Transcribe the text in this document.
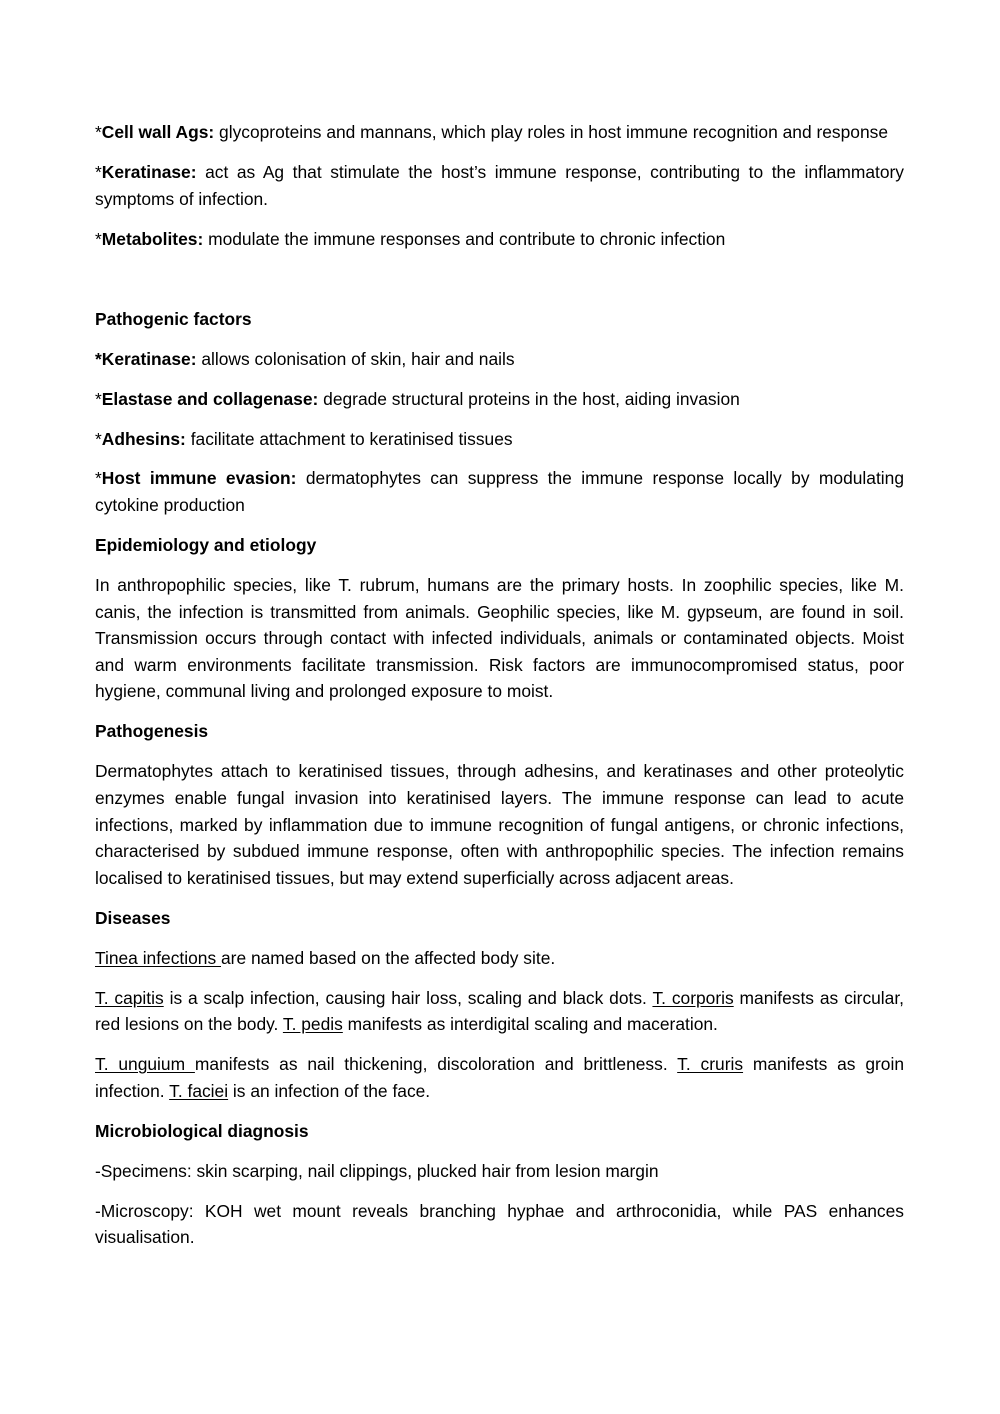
*Cell wall Ags: glycoproteins and mannans, which play roles in host immune recognition and response

*Keratinase: act as Ag that stimulate the host’s immune response, contributing to the inflammatory symptoms of infection.

*Metabolites: modulate the immune responses and contribute to chronic infection

Pathogenic factors

*Keratinase: allows colonisation of skin, hair and nails

*Elastase and collagenase: degrade structural proteins in the host, aiding invasion

*Adhesins: facilitate attachment to keratinised tissues

*Host immune evasion: dermatophytes can suppress the immune response locally by modulating cytokine production

Epidemiology and etiology

In anthropophilic species, like T. rubrum, humans are the primary hosts. In zoophilic species, like M. canis, the infection is transmitted from animals. Geophilic species, like M. gypseum, are found in soil. Transmission occurs through contact with infected individuals, animals or contaminated objects. Moist and warm environments facilitate transmission. Risk factors are immunocompromised status, poor hygiene, communal living and prolonged exposure to moist.

Pathogenesis

Dermatophytes attach to keratinised tissues, through adhesins, and keratinases and other proteolytic enzymes enable fungal invasion into keratinised layers. The immune response can lead to acute infections, marked by inflammation due to immune recognition of fungal antigens, or chronic infections, characterised by subdued immune response, often with anthropophilic species. The infection remains localised to keratinised tissues, but may extend superficially across adjacent areas.

Diseases

Tinea infections are named based on the affected body site.

T. capitis is a scalp infection, causing hair loss, scaling and black dots. T. corporis manifests as circular, red lesions on the body. T. pedis manifests as interdigital scaling and maceration.

T. unguium manifests as nail thickening, discoloration and brittleness. T. cruris manifests as groin infection. T. faciei is an infection of the face.

Microbiological diagnosis

-Specimens: skin scarping, nail clippings, plucked hair from lesion margin

-Microscopy: KOH wet mount reveals branching hyphae and arthroconidia, while PAS enhances visualisation.
